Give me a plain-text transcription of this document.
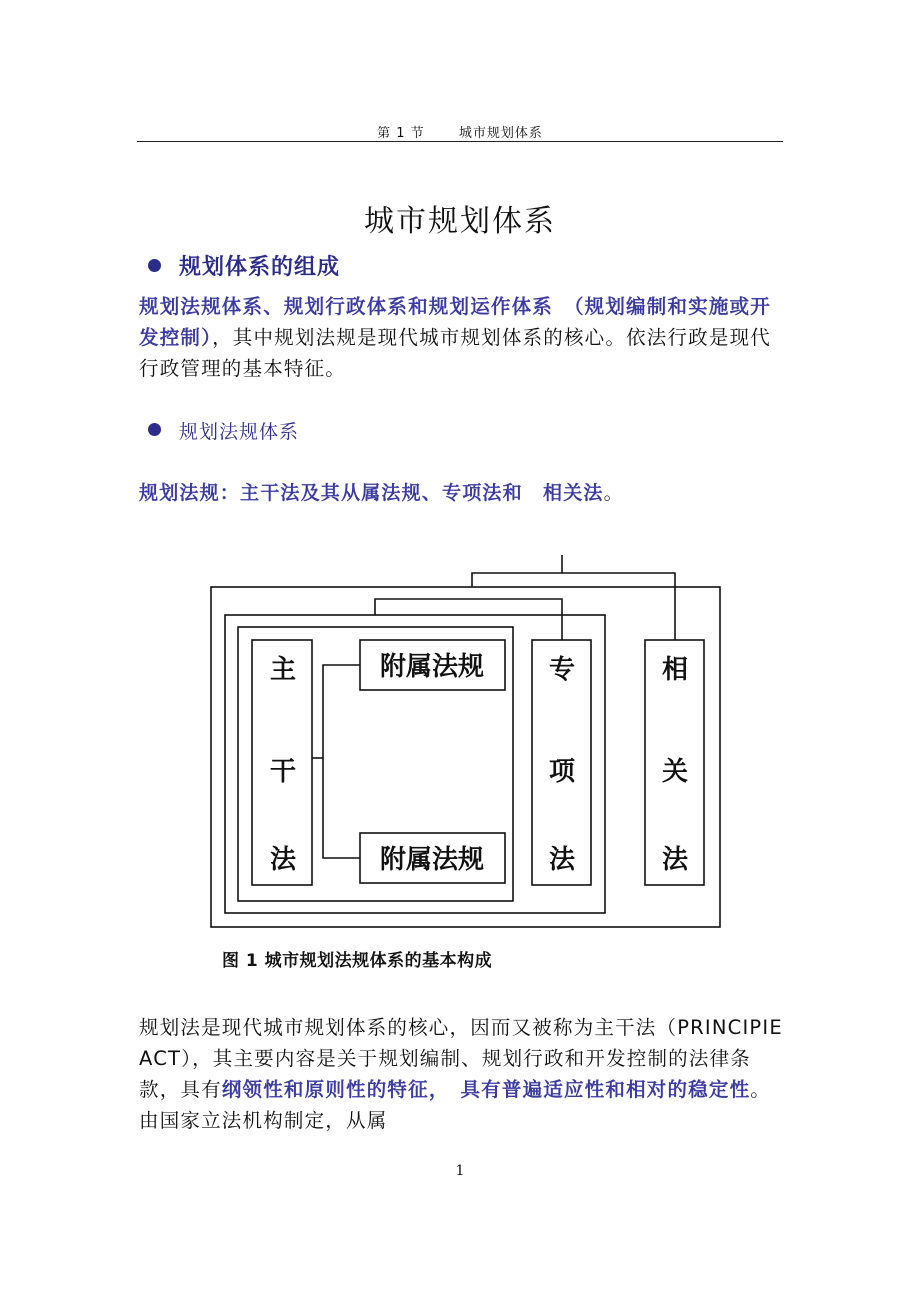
第 1 节	城市规划体系
城市规划体系
规划体系的组成
规划法规体系、规划行政体系和规划运作体系　（规划编制和实施或开发控制），其中规划法规是现代城市规划体系的核心。依法行政是现代行政管理的基本特征。
规划法规体系
规划法规：主干法及其从属法规、专项法和　相关法。
主
干
法
附属法规
附属法规
专
项
法
相
关
法
图 1 城市规划法规体系的基本构成
规划法是现代城市规划体系的核心，因而又被称为主干法（PRINCIPIE ACT），其主要内容是关于规划编制、规划行政和开发控制的法律条款，具有纲领性和原则性的特征，　具有普遍适应性和相对的稳定性。由国家立法机构制定，从属
1
